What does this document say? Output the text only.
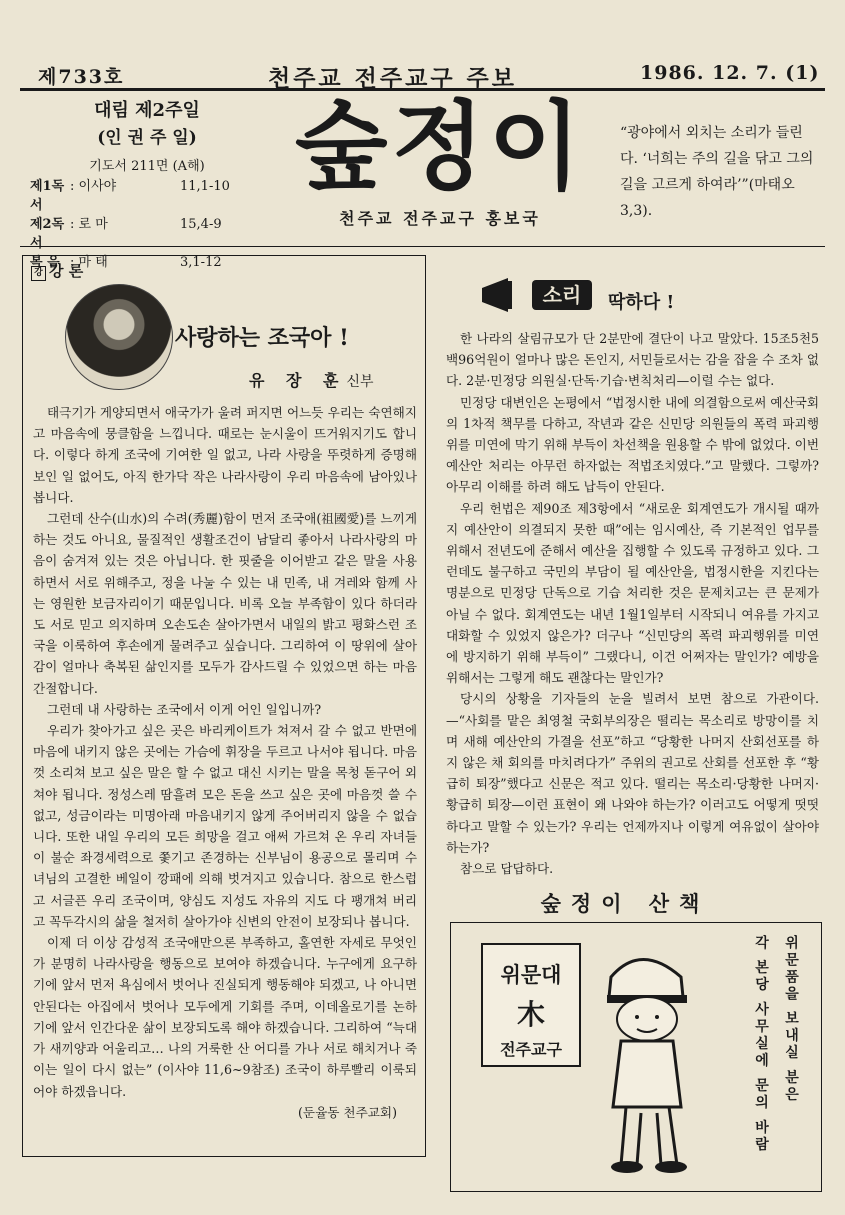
제733호	천주교 전주교구 주보	1986. 12. 7. (1)
대림 제2주일
(인 권 주 일)
기도서 211면 (A해)
제1독서
: 이사야	11,1-10
제2독서
: 로 마	15,4-9
복 음 : 마 태	3,1-12
숲정이
천주교 전주교구 홍보국
“광야에서 외치는 소리가 들린다. ‘너희는 주의 길을 닦고 그의 길을 고르게 하여라’”(마태오 3,3).
강 강 론
사랑하는 조국아 !
유 장 훈신부

태극기가 게양되면서 애국가가 울려 퍼지면 어느듯 우리는 숙연해지고 마음속에 뭉클함을 느낍니다. 때로는 눈시울이 뜨거워지기도 합니다. 이렇다 하게 조국에 기여한 일 없고, 나라 사랑을 뚜렷하게 증명해 보인 일 없어도, 아직 한가닥 작은 나라사랑이 우리 마음속에 남아있나 봅니다.

그런데 산수(山水)의 수려(秀麗)함이 먼저 조국애(祖國愛)를 느끼게 하는 것도 아니요, 물질적인 생활조건이 남달리 좋아서 나라사랑의 마음이 숨겨져 있는 것은 아닙니다. 한 핏줄을 이어받고 같은 말을 사용하면서 서로 위해주고, 정을 나눌 수 있는 내 민족, 내 겨레와 함께 사는 영원한 보금자리이기 때문입니다. 비록 오늘 부족함이 있다 하더라도 서로 믿고 의지하며 오손도손 살아가면서 내일의 밝고 평화스런 조국을 이룩하여 후손에게 물려주고 싶습니다. 그리하여 이 땅위에 살아감이 얼마나 축복된 삶인지를 모두가 감사드릴 수 있었으면 하는 마음 간절합니다.

그런데 내 사랑하는 조국에서 이게 어인 일입니까?

우리가 찾아가고 싶은 곳은 바리케이트가 쳐져서 갈 수 없고 반면에 마음에 내키지 않은 곳에는 가슴에 휘장을 두르고 나서야 됩니다. 마음껏 소리쳐 보고 싶은 말은 할 수 없고 대신 시키는 말을 목청 돋구어 외쳐야 됩니다. 정성스레 땀흘려 모은 돈을 쓰고 싶은 곳에 마음껏 쓸 수 없고, 성금이라는 미명아래 마음내키지 않게 주어버리지 않을 수 없습니다. 또한 내일 우리의 모든 희망을 걸고 애써 가르쳐 온 우리 자녀들이 불순 좌경세력으로 쫓기고 존경하는 신부님이 용공으로 몰리며 수녀님의 고결한 베일이 깡패에 의해 벗겨지고 있습니다. 참으로 한스럽고 서글픈 우리 조국이며, 양심도 지성도 자유의 지도 다 팽개쳐 버리고 꼭두각시의 삶을 철저히 살아가야 신변의 안전이 보장되나 봅니다.

이제 더 이상 감성적 조국애만으론 부족하고, 홀연한 자세로 무엇인가 분명히 나라사랑을 행동으로 보여야 하겠습니다. 누구에게 요구하기에 앞서 먼저 욕심에서 벗어나 진실되게 행동해야 되겠고, 나 아니면 안된다는 아집에서 벗어나 모두에게 기회를 주며, 이데올로기를 논하기에 앞서 인간다운 삶이 보장되도록 해야 하겠습니다. 그리하여 “늑대가 새끼양과 어울리고… 나의 거룩한 산 어디를 가나 서로 해치거나 죽이는 일이 다시 없는” (이사야 11,6~9참조) 조국이 하루빨리 이룩되어야 하겠읍니다.

(둔율동 천주교회)
소리	딱하다 !

한 나라의 살림규모가 단 2분만에 결단이 나고 말았다. 15조5천5백96억원이 얼마나 많은 돈인지, 서민들로서는 감을 잡을 수 조차 없다. 2분·민정당 의원실·단독·기습·변칙처리—이럴 수는 없다.

민정당 대변인은 논평에서 “법정시한 내에 의결함으로써 예산국회의 1차적 책무를 다하고, 작년과 같은 신민당 의원들의 폭력 파괴행위를 미연에 막기 위해 부득이 차선책을 원용할 수 밖에 없었다. 이번 예산안 처리는 아무런 하자없는 적법조치였다.”고 말했다. 그렇까? 아무리 이해를 하려 해도 납득이 안된다.

우리 헌법은 제90조 제3항에서 “새로운 회계연도가 개시될 때까지 예산안이 의결되지 못한 때”에는 임시예산, 즉 기본적인 업무를 위해서 전년도에 준해서 예산을 집행할 수 있도록 규정하고 있다. 그런데도 불구하고 국민의 부담이 될 예산안을, 법정시한을 지킨다는 명분으로 민정당 단독으로 기습 처리한 것은 문제치고는 큰 문제가 아닐 수 없다. 회계연도는 내년 1월1일부터 시작되니 여유를 가지고 대화할 수 있었지 않은가? 더구나 “신민당의 폭력 파괴행위를 미연에 방지하기 위해 부득이” 그랬다니, 이건 어쩌자는 말인가? 예방을 위해서는 그렇게 해도 괜찮다는 말인가?

당시의 상황을 기자들의 눈을 빌려서 보면 참으로 가관이다. —“사회를 맡은 최영철 국회부의장은 떨리는 목소리로 방망이를 치며 새해 예산안의 가결을 선포”하고 “당황한 나머지 산회선포를 하지 않은 채 회의를 마치려다가” 주위의 권고로 산회를 선포한 후 “황급히 퇴장”했다고 신문은 적고 있다. 떨리는 목소리·당황한 나머지·황급히 퇴장—이런 표현이 왜 나와야 하는가? 이러고도 어떻게 떳떳하다고 말할 수 있는가? 우리는 언제까지나 이렇게 여유없이 살아야 하는가?

참으로 답답하다.

숲정이 산책
위문대
木
전주교구	위문품을 보내실 분은
각 본당 사무실에 문의 바람
